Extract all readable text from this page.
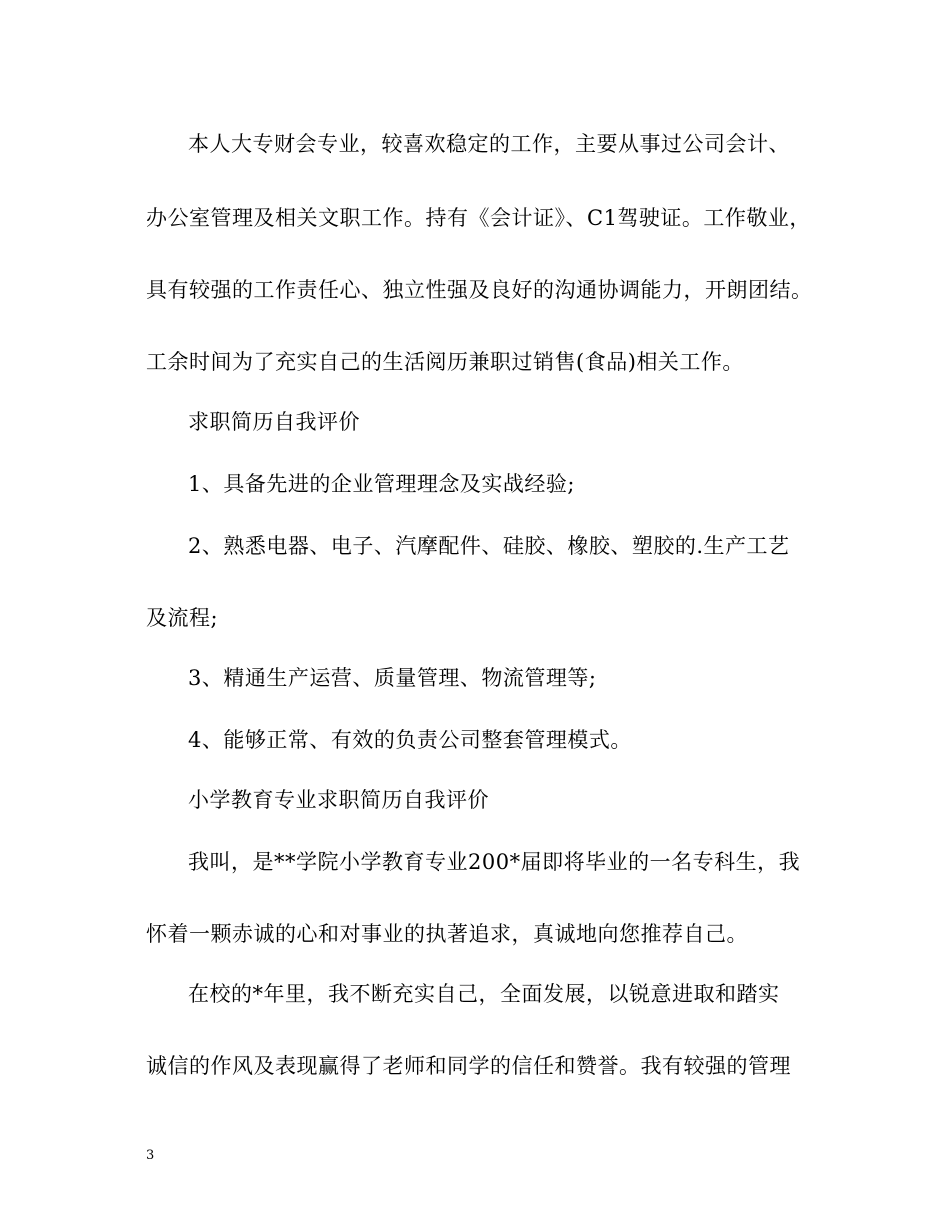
本人大专财会专业，较喜欢稳定的工作，主要从事过公司会计、
办公室管理及相关文职工作。持有《会计证》、C1驾驶证。工作敬业，
具有较强的工作责任心、独立性强及良好的沟通协调能力，开朗团结。
工余时间为了充实自己的生活阅历兼职过销售(食品)相关工作。
求职简历自我评价
1、具备先进的企业管理理念及实战经验;
2、熟悉电器、电子、汽摩配件、硅胶、橡胶、塑胶的.生产工艺
及流程;
3、精通生产运营、质量管理、物流管理等;
4、能够正常、有效的负责公司整套管理模式。
小学教育专业求职简历自我评价
我叫，是**学院小学教育专业200*届即将毕业的一名专科生，我
怀着一颗赤诚的心和对事业的执著追求，真诚地向您推荐自己。
在校的*年里，我不断充实自己，全面发展，以锐意进取和踏实
诚信的作风及表现赢得了老师和同学的信任和赞誉。我有较强的管理
3
